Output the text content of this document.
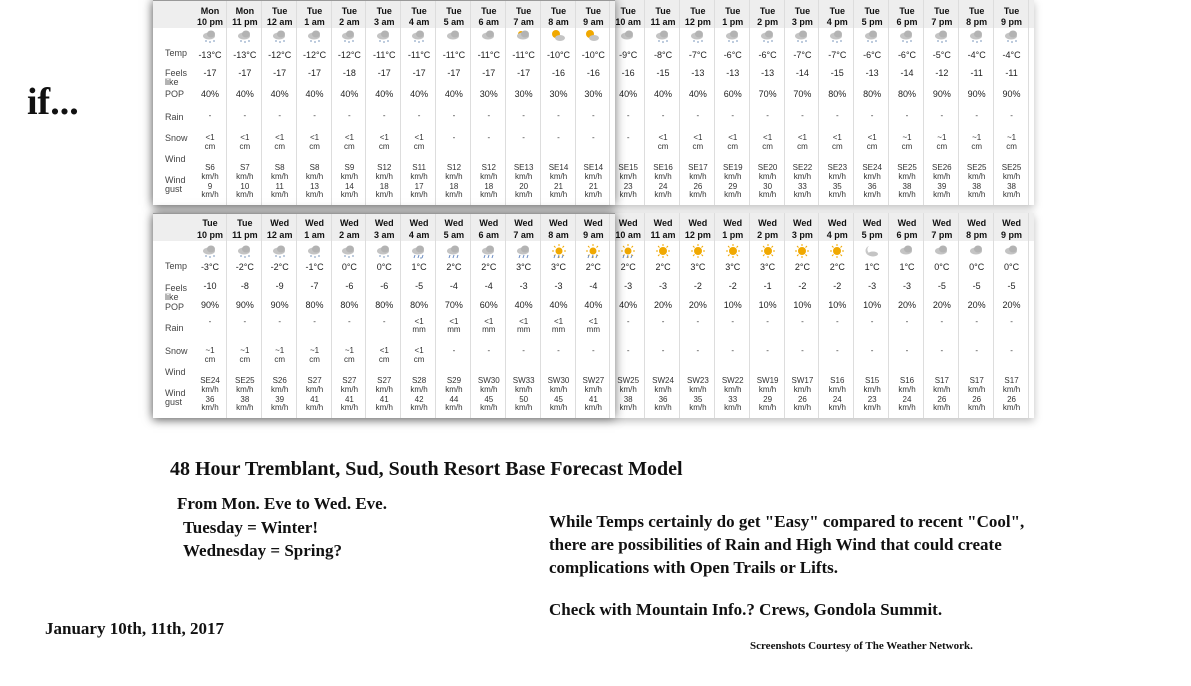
if...
48 Hour Tremblant, Sud, South Resort Base Forecast Model
From Mon. Eve to Wed. Eve.
Tuesday = Winter!
Wednesday = Spring?
While Temps certainly do get "Easy" compared to recent "Cool",
there are possibilities of Rain and High Wind that could create
complications with Open Trails or Lifts.
Check with Mountain Info.? Crews, Gondola Summit.
January 10th, 11th, 2017
Screenshots Courtesy of The Weather Network.
Temp
Feels
like
POP
Rain
Snow
Wind
Wind
gust
Mon
10 pm
-13°C
-17
40%
-
<1
cm
S6
km/h
9
km/h
Mon
11 pm
-13°C
-17
40%
-
<1
cm
S7
km/h
10
km/h
Tue
12 am
-12°C
-17
40%
-
<1
cm
S8
km/h
11
km/h
Tue
1 am
-12°C
-17
40%
-
<1
cm
S8
km/h
13
km/h
Tue
2 am
-12°C
-18
40%
-
<1
cm
S9
km/h
14
km/h
Tue
3 am
-11°C
-17
40%
-
<1
cm
S12
km/h
18
km/h
Tue
4 am
-11°C
-17
40%
-
<1
cm
S11
km/h
17
km/h
Tue
5 am
-11°C
-17
40%
-
-
S12
km/h
18
km/h
Tue
6 am
-11°C
-17
30%
-
-
S12
km/h
18
km/h
Tue
7 am
-11°C
-17
30%
-
-
SE13
km/h
20
km/h
Tue
8 am
-10°C
-16
30%
-
-
SE14
km/h
21
km/h
Tue
9 am
-10°C
-16
30%
-
-
SE14
km/h
21
km/h
Tue
10 am
-9°C
-16
40%
-
-
SE15
km/h
23
km/h
Tue
11 am
-8°C
-15
40%
-
<1
cm
SE16
km/h
24
km/h
Tue
12 pm
-7°C
-13
40%
-
<1
cm
SE17
km/h
26
km/h
Tue
1 pm
-6°C
-13
60%
-
<1
cm
SE19
km/h
29
km/h
Tue
2 pm
-6°C
-13
70%
-
<1
cm
SE20
km/h
30
km/h
Tue
3 pm
-7°C
-14
70%
-
<1
cm
SE22
km/h
33
km/h
Tue
4 pm
-7°C
-15
80%
-
<1
cm
SE23
km/h
35
km/h
Tue
5 pm
-6°C
-13
80%
-
<1
cm
SE24
km/h
36
km/h
Tue
6 pm
-6°C
-14
80%
-
~1
cm
SE25
km/h
38
km/h
Tue
7 pm
-5°C
-12
90%
-
~1
cm
SE26
km/h
39
km/h
Tue
8 pm
-4°C
-11
90%
-
~1
cm
SE25
km/h
38
km/h
Tue
9 pm
-4°C
-11
90%
-
~1
cm
SE25
km/h
38
km/h
Temp
Feels
like
POP
Rain
Snow
Wind
Wind
gust
Tue
10 pm
-3°C
-10
90%
-
~1
cm
SE24
km/h
36
km/h
Tue
11 pm
-2°C
-8
90%
-
~1
cm
SE25
km/h
38
km/h
Wed
12 am
-2°C
-9
90%
-
~1
cm
S26
km/h
39
km/h
Wed
1 am
-1°C
-7
80%
-
~1
cm
S27
km/h
41
km/h
Wed
2 am
0°C
-6
80%
-
~1
cm
S27
km/h
41
km/h
Wed
3 am
0°C
-6
80%
-
<1
cm
S27
km/h
41
km/h
Wed
4 am
1°C
-5
80%
<1
mm
<1
cm
S28
km/h
42
km/h
Wed
5 am
2°C
-4
70%
<1
mm
-
S29
km/h
44
km/h
Wed
6 am
2°C
-4
60%
<1
mm
-
SW30
km/h
45
km/h
Wed
7 am
3°C
-3
40%
<1
mm
-
SW33
km/h
50
km/h
Wed
8 am
3°C
-3
40%
<1
mm
-
SW30
km/h
45
km/h
Wed
9 am
2°C
-4
40%
<1
mm
-
SW27
km/h
41
km/h
Wed
10 am
2°C
-3
40%
-
-
SW25
km/h
38
km/h
Wed
11 am
2°C
-3
20%
-
-
SW24
km/h
36
km/h
Wed
12 pm
3°C
-2
20%
-
-
SW23
km/h
35
km/h
Wed
1 pm
3°C
-2
10%
-
-
SW22
km/h
33
km/h
Wed
2 pm
3°C
-1
10%
-
-
SW19
km/h
29
km/h
Wed
3 pm
2°C
-2
10%
-
-
SW17
km/h
26
km/h
Wed
4 pm
2°C
-2
10%
-
-
S16
km/h
24
km/h
Wed
5 pm
1°C
-3
10%
-
-
S15
km/h
23
km/h
Wed
6 pm
1°C
-3
20%
-
-
S16
km/h
24
km/h
Wed
7 pm
0°C
-5
20%
-
-
S17
km/h
26
km/h
Wed
8 pm
0°C
-5
20%
-
-
S17
km/h
26
km/h
Wed
9 pm
0°C
-5
20%
-
-
S17
km/h
26
km/h
